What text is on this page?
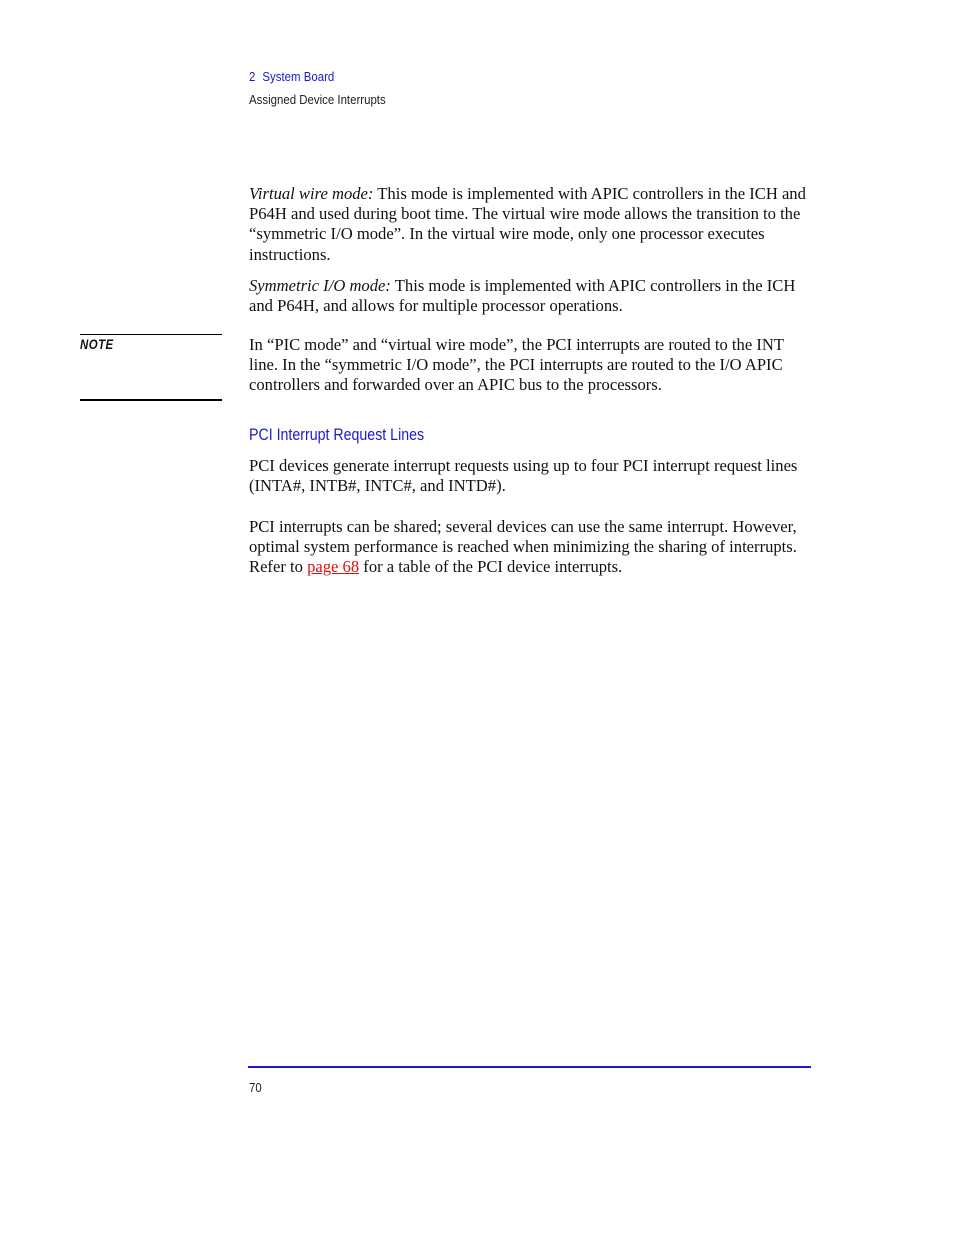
2 System Board
Assigned Device Interrupts

Virtual wire mode: This mode is implemented with APIC controllers in the ICH and P64H and used during boot time. The virtual wire mode allows the transition to the “symmetric I/O mode”. In the virtual wire mode, only one processor executes instructions.

Symmetric I/O mode: This mode is implemented with APIC controllers in the ICH and P64H, and allows for multiple processor operations.

NOTE	In “PIC mode” and “virtual wire mode”, the PCI interrupts are routed to the INT line. In the “symmetric I/O mode”, the PCI interrupts are routed to the I/O APIC controllers and forwarded over an APIC bus to the processors.

PCI Interrupt Request Lines

PCI devices generate interrupt requests using up to four PCI interrupt request lines (INTA#, INTB#, INTC#, and INTD#).

PCI interrupts can be shared; several devices can use the same interrupt. However, optimal system performance is reached when minimizing the sharing of interrupts. Refer to page 68 for a table of the PCI device interrupts.

70
